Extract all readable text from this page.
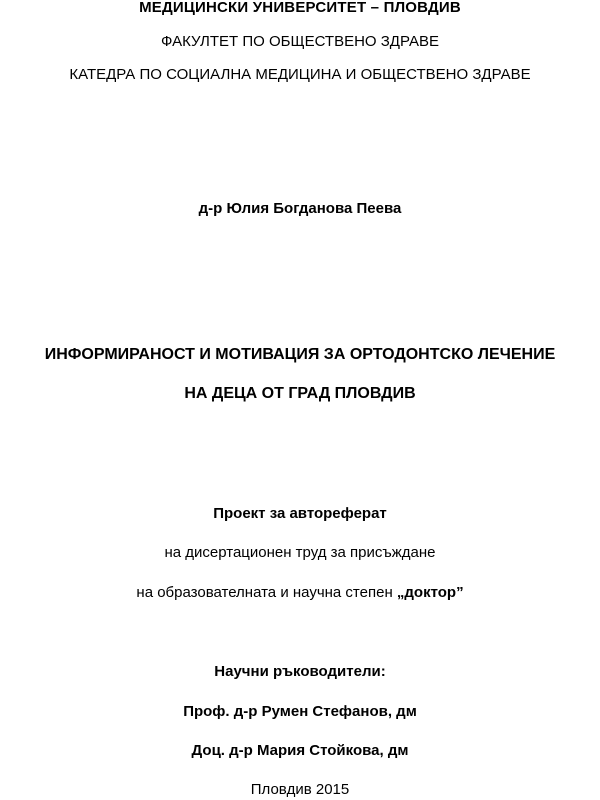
МЕДИЦИНСКИ УНИВЕРСИТЕТ – ПЛОВДИВ
ФАКУЛТЕТ ПО ОБЩЕСТВЕНО ЗДРАВЕ
КАТЕДРА ПО СОЦИАЛНА МЕДИЦИНА И ОБЩЕСТВЕНО ЗДРАВЕ
д-р Юлия Богданова Пеева
ИНФОРМИРАНОСТ И МОТИВАЦИЯ ЗА ОРТОДОНТСКО ЛЕЧЕНИЕ
НА ДЕЦА ОТ ГРАД ПЛОВДИВ
Проект за автореферат
на дисертационен труд за присъждане
на образователната и научна степен „доктор”
Научни ръководители:
Проф. д-р Румен Стефанов, дм
Доц. д-р Мария Стойкова, дм
Пловдив 2015
